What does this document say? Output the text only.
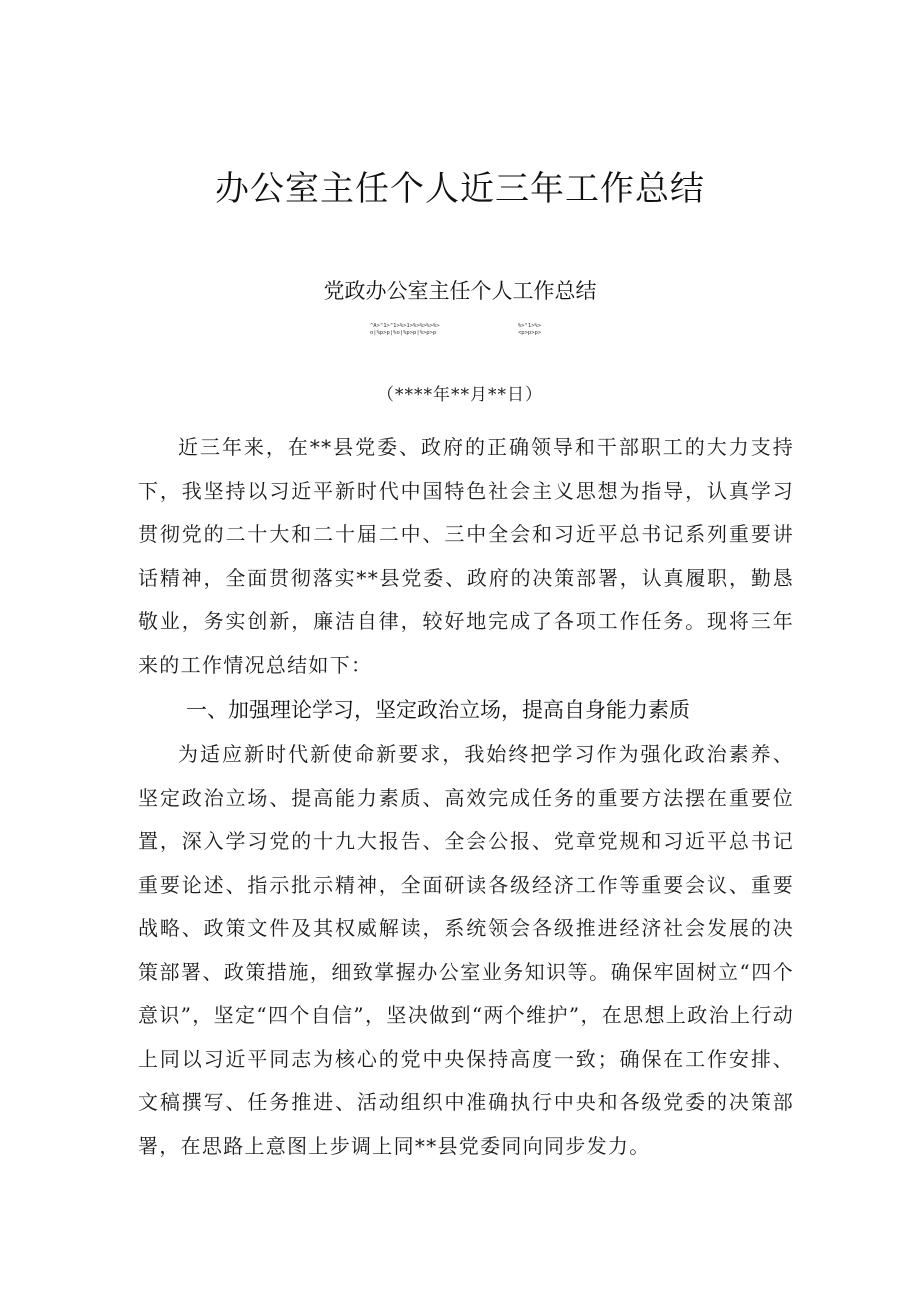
办公室主任个人近三年工作总结
党政办公室主任个人工作总结
^A>"1>"1>%>1>%>%>%>%>
o|%p>p|%o|%p>p|%>p>p
%>"1>%>
<p>p>p>
（****年**月**日）

近三年来，在**县党委、政府的正确领导和干部职工的大力支持下，我坚持以习近平新时代中国特色社会主义思想为指导，认真学习贯彻党的二十大和二十届二中、三中全会和习近平总书记系列重要讲话精神，全面贯彻落实**县党委、政府的决策部署，认真履职，勤恳敬业，务实创新，廉洁自律，较好地完成了各项工作任务。现将三年来的工作情况总结如下：

一、加强理论学习，坚定政治立场，提高自身能力素质

为适应新时代新使命新要求，我始终把学习作为强化政治素养、坚定政治立场、提高能力素质、高效完成任务的重要方法摆在重要位置，深入学习党的十九大报告、全会公报、党章党规和习近平总书记重要论述、指示批示精神，全面研读各级经济工作等重要会议、重要战略、政策文件及其权威解读，系统领会各级推进经济社会发展的决策部署、政策措施，细致掌握办公室业务知识等。确保牢固树立“四个意识”，坚定“四个自信”，坚决做到“两个维护”，在思想上政治上行动上同以习近平同志为核心的党中央保持高度一致；确保在工作安排、文稿撰写、任务推进、活动组织中准确执行中央和各级党委的决策部署，在思路上意图上步调上同**县党委同向同步发力。
